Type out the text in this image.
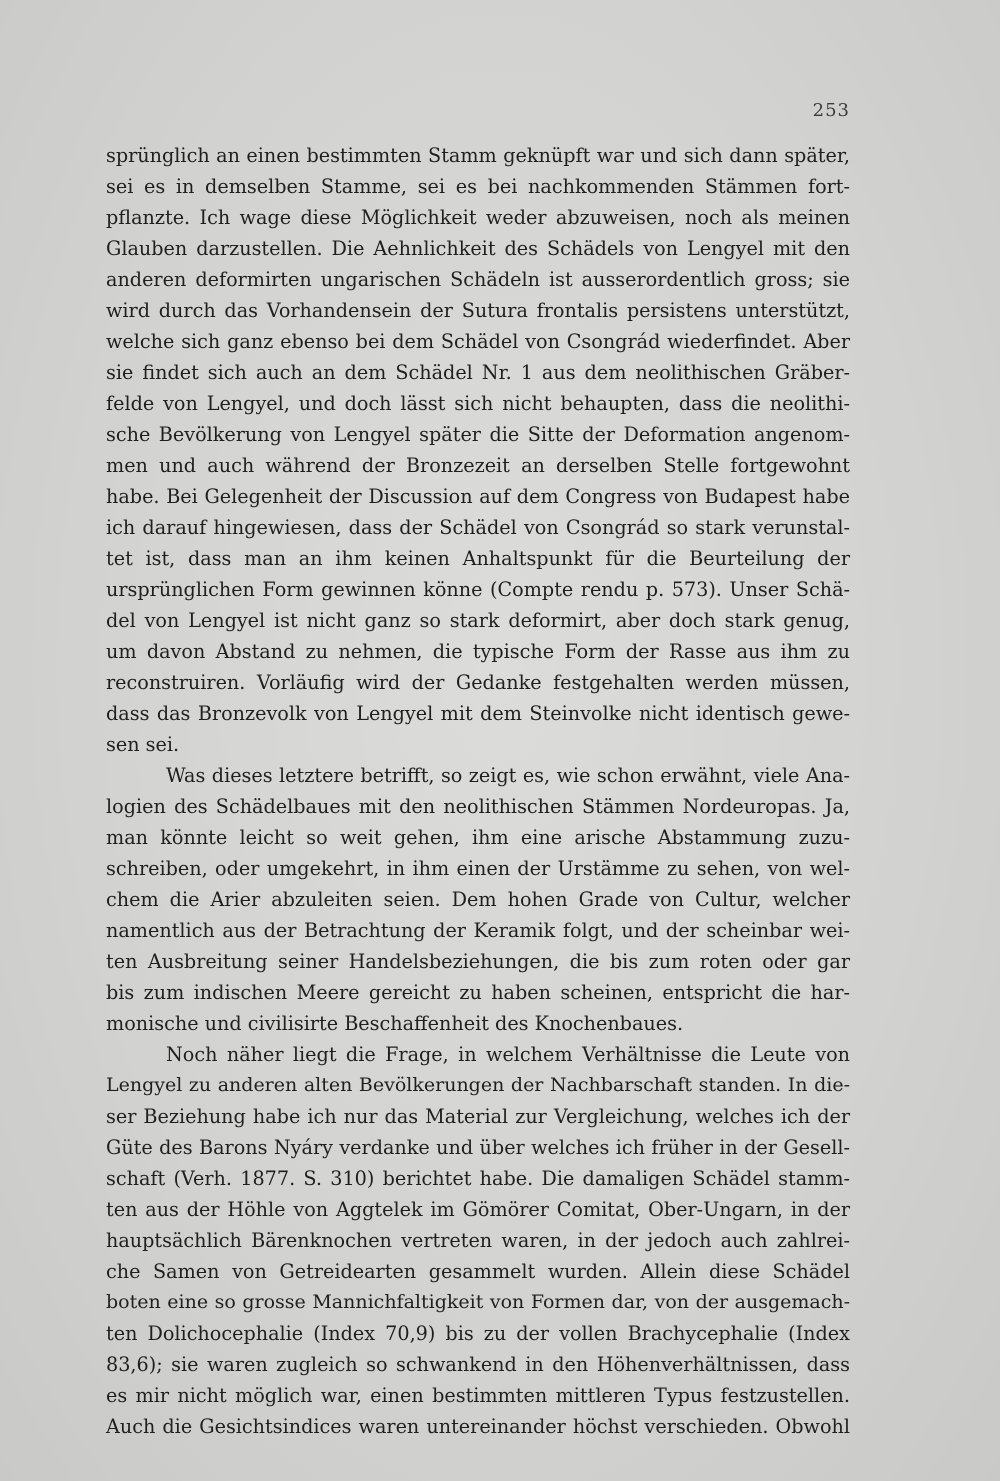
253
sprünglich an einen bestimmten Stamm geknüpft war und sich dann später,
sei es in demselben Stamme, sei es bei nachkommenden Stämmen fort-
pflanzte. Ich wage diese Möglichkeit weder abzuweisen, noch als meinen
Glauben darzustellen. Die Aehnlichkeit des Schädels von Lengyel mit den
anderen deformirten ungarischen Schädeln ist ausserordentlich gross; sie
wird durch das Vorhandensein der Sutura frontalis persistens unterstützt,
welche sich ganz ebenso bei dem Schädel von Csongrád wiederfindet. Aber
sie findet sich auch an dem Schädel Nr. 1 aus dem neolithischen Gräber-
felde von Lengyel, und doch lässt sich nicht behaupten, dass die neolithi-
sche Bevölkerung von Lengyel später die Sitte der Deformation angenom-
men und auch während der Bronzezeit an derselben Stelle fortgewohnt
habe. Bei Gelegenheit der Discussion auf dem Congress von Budapest habe
ich darauf hingewiesen, dass der Schädel von Csongrád so stark verunstal-
tet ist, dass man an ihm keinen Anhaltspunkt für die Beurteilung der
ursprünglichen Form gewinnen könne (Compte rendu p. 573). Unser Schä-
del von Lengyel ist nicht ganz so stark deformirt, aber doch stark genug,
um davon Abstand zu nehmen, die typische Form der Rasse aus ihm zu
reconstruiren. Vorläufig wird der Gedanke festgehalten werden müssen,
dass das Bronzevolk von Lengyel mit dem Steinvolke nicht identisch gewe-
sen sei.
Was dieses letztere betrifft, so zeigt es, wie schon erwähnt, viele Ana-
logien des Schädelbaues mit den neolithischen Stämmen Nordeuropas. Ja,
man könnte leicht so weit gehen, ihm eine arische Abstammung zuzu-
schreiben, oder umgekehrt, in ihm einen der Urstämme zu sehen, von wel-
chem die Arier abzuleiten seien. Dem hohen Grade von Cultur, welcher
namentlich aus der Betrachtung der Keramik folgt, und der scheinbar wei-
ten Ausbreitung seiner Handelsbeziehungen, die bis zum roten oder gar
bis zum indischen Meere gereicht zu haben scheinen, entspricht die har-
monische und civilisirte Beschaffenheit des Knochenbaues.
Noch näher liegt die Frage, in welchem Verhältnisse die Leute von
Lengyel zu anderen alten Bevölkerungen der Nachbarschaft standen. In die-
ser Beziehung habe ich nur das Material zur Vergleichung, welches ich der
Güte des Barons Nyáry verdanke und über welches ich früher in der Gesell-
schaft (Verh. 1877. S. 310) berichtet habe. Die damaligen Schädel stamm-
ten aus der Höhle von Aggtelek im Gömörer Comitat, Ober-Ungarn, in der
hauptsächlich Bärenknochen vertreten waren, in der jedoch auch zahlrei-
che Samen von Getreidearten gesammelt wurden. Allein diese Schädel
boten eine so grosse Mannichfaltigkeit von Formen dar, von der ausgemach-
ten Dolichocephalie (Index 70,9) bis zu der vollen Brachycephalie (Index
83,6); sie waren zugleich so schwankend in den Höhenverhältnissen, dass
es mir nicht möglich war, einen bestimmten mittleren Typus festzustellen.
Auch die Gesichtsindices waren untereinander höchst verschieden. Obwohl
